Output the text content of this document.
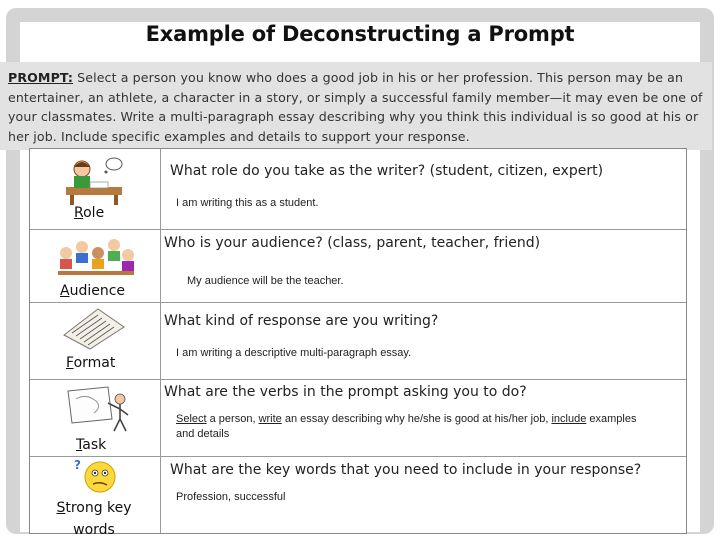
Example of Deconstructing a Prompt
PROMPT: Select a person you know who does a good job in his or her profession. This person may be an entertainer, an athlete, a character in a story, or simply a successful family member—it may even be one of your classmates. Write a multi-paragraph essay describing why you think this individual is so good at his or her job. Include specific examples and details to support your response.
Role
What role do you take as the writer? (student, citizen, expert)
I am writing this as a student.
Audience
Who is your audience? (class, parent, teacher, friend)
My audience will be the teacher.
Format
What kind of response are you writing?
I am writing a descriptive multi-paragraph essay.
Task
What are the verbs in the prompt asking you to do?
Select a person, write an essay describing why he/she is good at his/her job, include examples and details
?
Strong key
words
What are the key words that you need to include in your response?
Profession, successful
